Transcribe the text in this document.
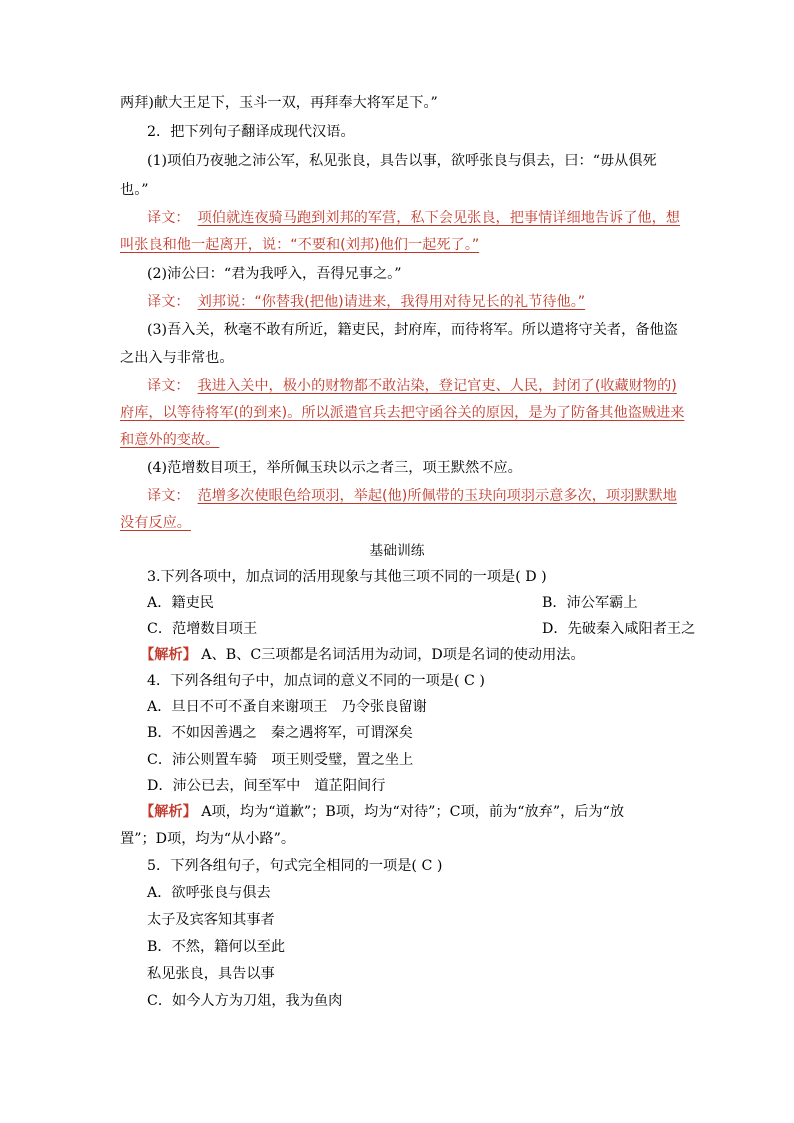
两拜)献大王足下，玉斗一双，再拜奉大将军足下。”
2．把下列句子翻译成现代汉语。
(1)项伯乃夜驰之沛公军，私见张良，具告以事，欲呼张良与俱去，曰：“毋从俱死
也。”
译文： 项伯就连夜骑马跑到刘邦的军营，私下会见张良，把事情详细地告诉了他，想
叫张良和他一起离开，说：“不要和(刘邦)他们一起死了。”
(2)沛公曰：“君为我呼入，吾得兄事之。”
译文： 刘邦说：“你替我(把他)请进来，我得用对待兄长的礼节待他。”
(3)吾入关，秋毫不敢有所近，籍吏民，封府库，而待将军。所以遣将守关者，备他盗
之出入与非常也。
译文： 我进入关中，极小的财物都不敢沾染，登记官吏、人民，封闭了(收藏财物的)
府库，以等待将军(的到来)。所以派遣官兵去把守函谷关的原因，是为了防备其他盗贼进来
和意外的变故。
(4)范增数目项王，举所佩玉玦以示之者三，项王默然不应。
译文： 范增多次使眼色给项羽，举起(他)所佩带的玉玦向项羽示意多次，项羽默默地
没有反应。
基础训练
3.下列各项中，加点词的活用现象与其他三项不同的一项是( D )
A．籍吏民	B．沛公军霸上
C．范增数目项王	D．先破秦入咸阳者王之
【解析】 A、B、C三项都是名词活用为动词，D项是名词的使动用法。
4．下列各组句子中，加点词的意义不同的一项是( C )
A．旦日不可不蚤自来谢项王　乃令张良留谢
B．不如因善遇之　秦之遇将军，可谓深矣
C．沛公则置车骑　项王则受璧，置之坐上
D．沛公已去，间至军中　道芷阳间行
【解析】 A项，均为“道歉”；B项，均为“对待”；C项，前为“放弃”，后为“放
置”；D项，均为“从小路”。
5．下列各组句子，句式完全相同的一项是( C )
A．欲呼张良与俱去
太子及宾客知其事者
B．不然，籍何以至此
私见张良，具告以事
C．如今人方为刀俎，我为鱼肉
